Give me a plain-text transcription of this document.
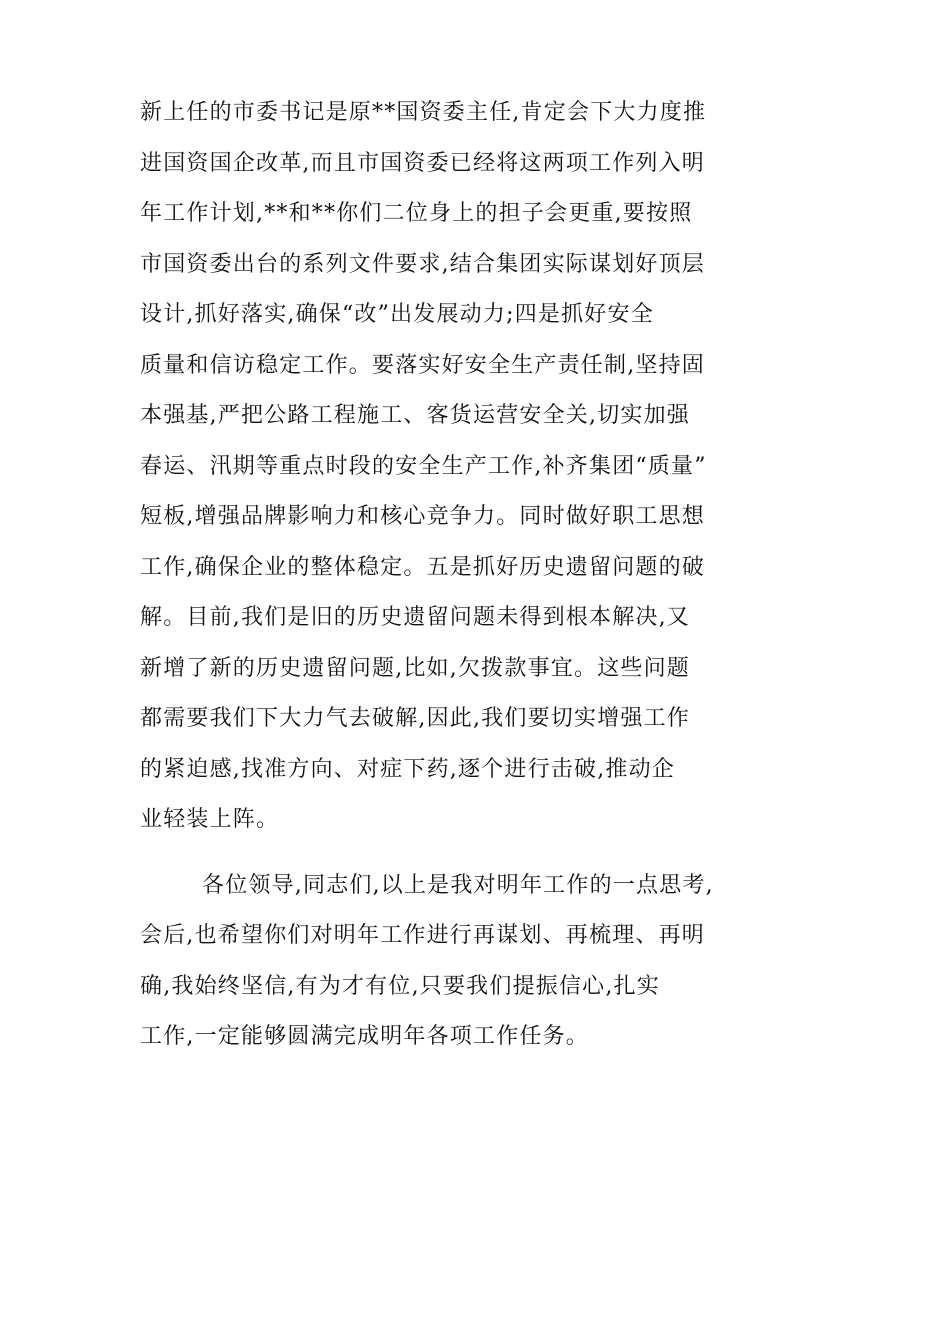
新上任的市委书记是原**国资委主任,肯定会下大力度推
进国资国企改革,而且市国资委已经将这两项工作列入明
年工作计划,**和**你们二位身上的担子会更重,要按照
市国资委出台的系列文件要求,结合集团实际谋划好顶层
设计,抓好落实,确保“改”出发展动力;四是抓好安全
质量和信访稳定工作。要落实好安全生产责任制,坚持固
本强基,严把公路工程施工、客货运营安全关,切实加强
春运、汛期等重点时段的安全生产工作,补齐集团“质量”
短板,增强品牌影响力和核心竞争力。同时做好职工思想
工作,确保企业的整体稳定。五是抓好历史遗留问题的破
解。目前,我们是旧的历史遗留问题未得到根本解决,又
新增了新的历史遗留问题,比如,欠拨款事宜。这些问题
都需要我们下大力气去破解,因此,我们要切实增强工作
的紧迫感,找准方向、对症下药,逐个进行击破,推动企
业轻装上阵。
各位领导,同志们,以上是我对明年工作的一点思考,
会后,也希望你们对明年工作进行再谋划、再梳理、再明
确,我始终坚信,有为才有位,只要我们提振信心,扎实
工作,一定能够圆满完成明年各项工作任务。
